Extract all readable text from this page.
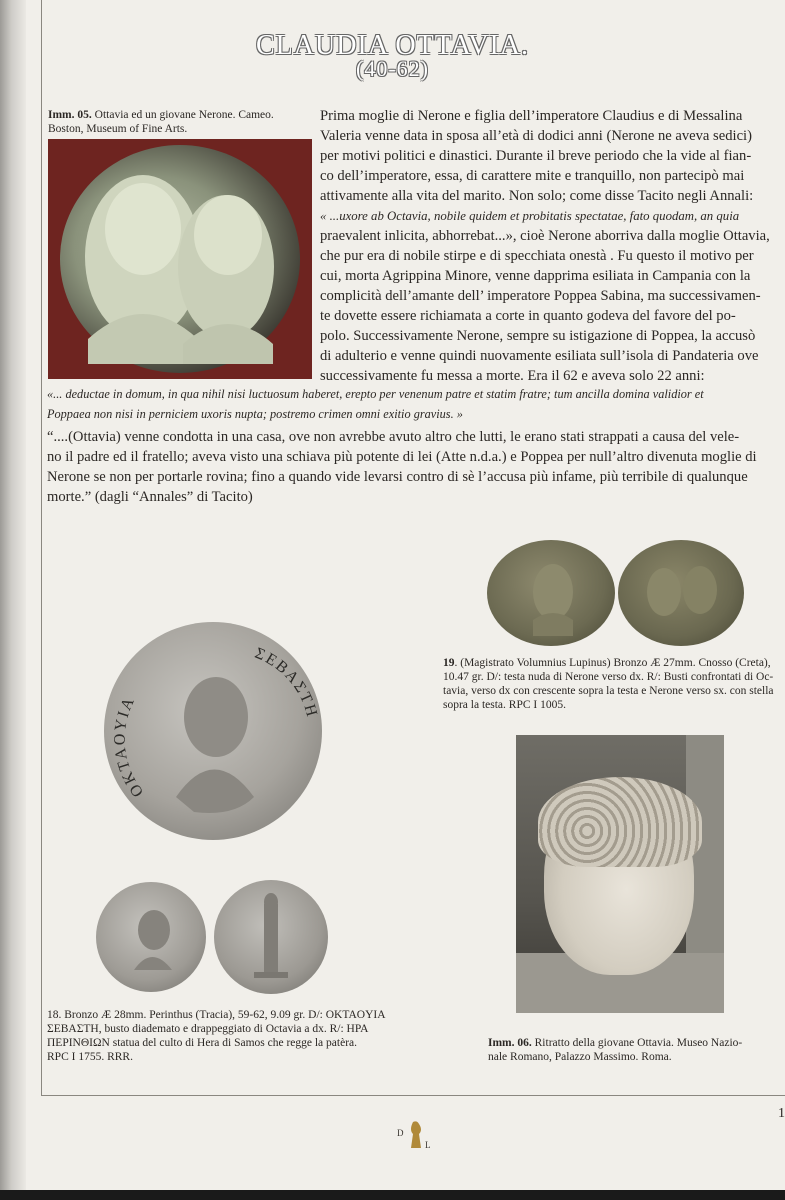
CLAUDIA OTTAVIA.
(40-62)
Imm. 05. Ottavia ed un giovane Nerone. Cameo.
Boston, Museum of Fine Arts.
Prima moglie di Nerone e figlia dell’imperatore Claudius e di Messalina
Valeria venne data in sposa all’età di dodici anni (Nerone ne aveva sedici)
per motivi politici e dinastici. Durante il breve periodo che la vide al fian-
co dell’imperatore, essa, di carattere mite e tranquillo, non partecipò mai
attivamente alla vita del marito. Non solo; come disse Tacito negli Annali:
« ...uxore ab Octavia, nobile quidem et probitatis spectatae, fato quodam, an quia
praevalent inlicita, abhorrebat...», cioè Nerone aborriva dalla moglie Ottavia,
che pur era di nobile stirpe e di specchiata onestà . Fu questo il motivo per
cui, morta Agrippina Minore, venne dapprima esiliata in Campania con la
complicità dell’amante dell’ imperatore Poppea Sabina, ma successivamen-
te dovette essere richiamata a corte in quanto godeva del favore del po-
polo. Successivamente Nerone, sempre su istigazione di Poppea, la accusò
di adulterio e venne quindi nuovamente esiliata sull’isola di Pandateria ove
successivamente fu messa a morte. Era il 62 e aveva solo 22 anni:
«... deductae in domum, in qua nihil nisi luctuosum haberet, erepto per venenum patre et statim fratre; tum ancilla domina validior et
Poppaea non nisi in perniciem uxoris nupta; postremo crimen omni exitio gravius. »
“....(Ottavia) venne condotta in una casa, ove non avrebbe avuto altro che lutti, le erano stati strappati a causa del vele-
no il padre ed il fratello; aveva visto una schiava più potente di lei (Atte n.d.a.) e Poppea per null’altro divenuta moglie di
Nerone se non per portarle rovina; fino a quando vide levarsi contro di sè l’accusa più infame, più terribile di qualunque
morte.” (dagli “Annales” di Tacito)
19. (Magistrato Volumnius Lupinus) Bronzo Æ 27mm. Cnosso (Creta),
10.47 gr. D/: testa nuda di Nerone verso dx. R/: Busti confrontati di Oc-
tavia, verso dx con crescente sopra la testa e Nerone verso sx. con stella
sopra la testa. RPC I 1005.
OKTAOYIA
ΣEBAΣTH
18. Bronzo Æ 28mm. Perinthus (Tracia), 59-62, 9.09 gr. D/: OKTAOYIA
ΣEBAΣTH, busto diademato e drappeggiato di Octavia a dx. R/: HPA
ΠEPINΘIΩN statua del culto di Hera di Samos che regge la patèra.
RPC I 1755. RRR.
Imm. 06. Ritratto della giovane Ottavia. Museo Nazio-
nale Romano, Palazzo Massimo. Roma.
D
L
1
